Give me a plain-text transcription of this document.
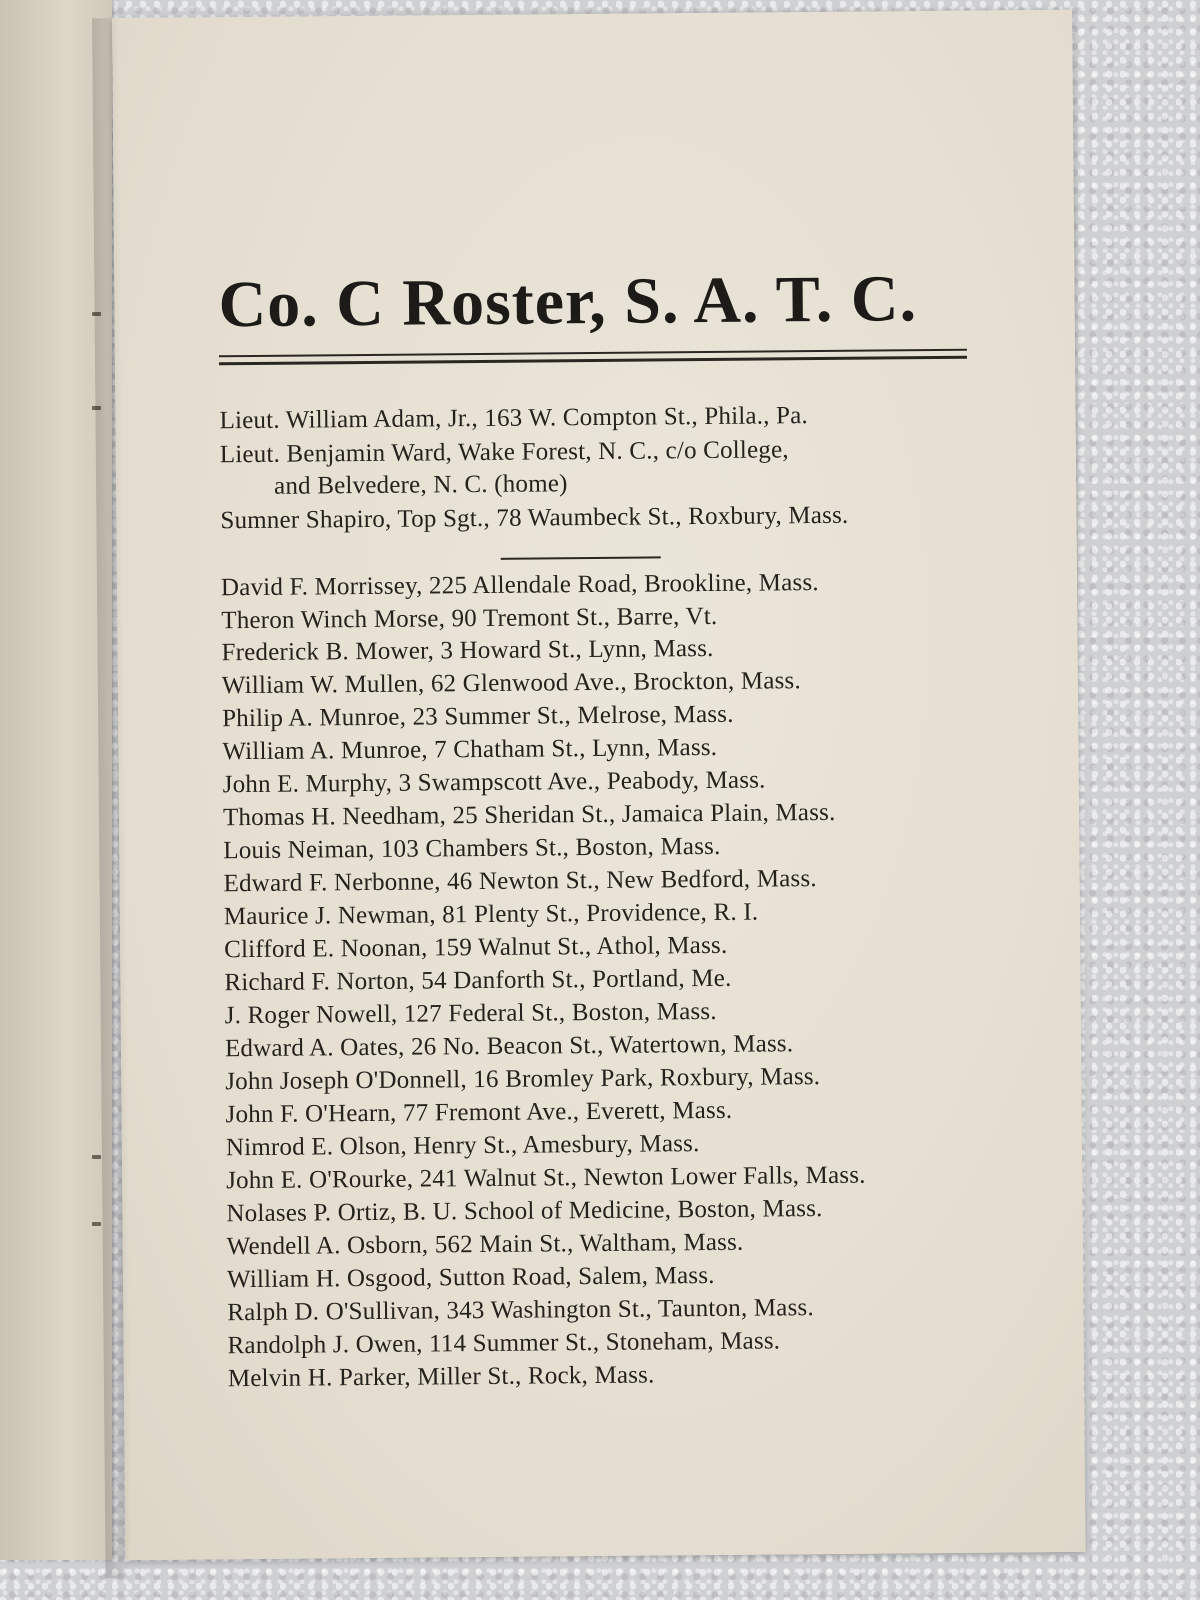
Co. C Roster, S. A. T. C.
Lieut. William Adam, Jr., 163 W. Compton St., Phila., Pa.
Lieut. Benjamin Ward, Wake Forest, N. C., c/o College,
and Belvedere, N. C. (home)
Sumner Shapiro, Top Sgt., 78 Waumbeck St., Roxbury, Mass.
David F. Morrissey, 225 Allendale Road, Brookline, Mass.
Theron Winch Morse, 90 Tremont St., Barre, Vt.
Frederick B. Mower, 3 Howard St., Lynn, Mass.
William W. Mullen, 62 Glenwood Ave., Brockton, Mass.
Philip A. Munroe, 23 Summer St., Melrose, Mass.
William A. Munroe, 7 Chatham St., Lynn, Mass.
John E. Murphy, 3 Swampscott Ave., Peabody, Mass.
Thomas H. Needham, 25 Sheridan St., Jamaica Plain, Mass.
Louis Neiman, 103 Chambers St., Boston, Mass.
Edward F. Nerbonne, 46 Newton St., New Bedford, Mass.
Maurice J. Newman, 81 Plenty St., Providence, R. I.
Clifford E. Noonan, 159 Walnut St., Athol, Mass.
Richard F. Norton, 54 Danforth St., Portland, Me.
J. Roger Nowell, 127 Federal St., Boston, Mass.
Edward A. Oates, 26 No. Beacon St., Watertown, Mass.
John Joseph O'Donnell, 16 Bromley Park, Roxbury, Mass.
John F. O'Hearn, 77 Fremont Ave., Everett, Mass.
Nimrod E. Olson, Henry St., Amesbury, Mass.
John E. O'Rourke, 241 Walnut St., Newton Lower Falls, Mass.
Nolases P. Ortiz, B. U. School of Medicine, Boston, Mass.
Wendell A. Osborn, 562 Main St., Waltham, Mass.
William H. Osgood, Sutton Road, Salem, Mass.
Ralph D. O'Sullivan, 343 Washington St., Taunton, Mass.
Randolph J. Owen, 114 Summer St., Stoneham, Mass.
Melvin H. Parker, Miller St., Rock, Mass.
